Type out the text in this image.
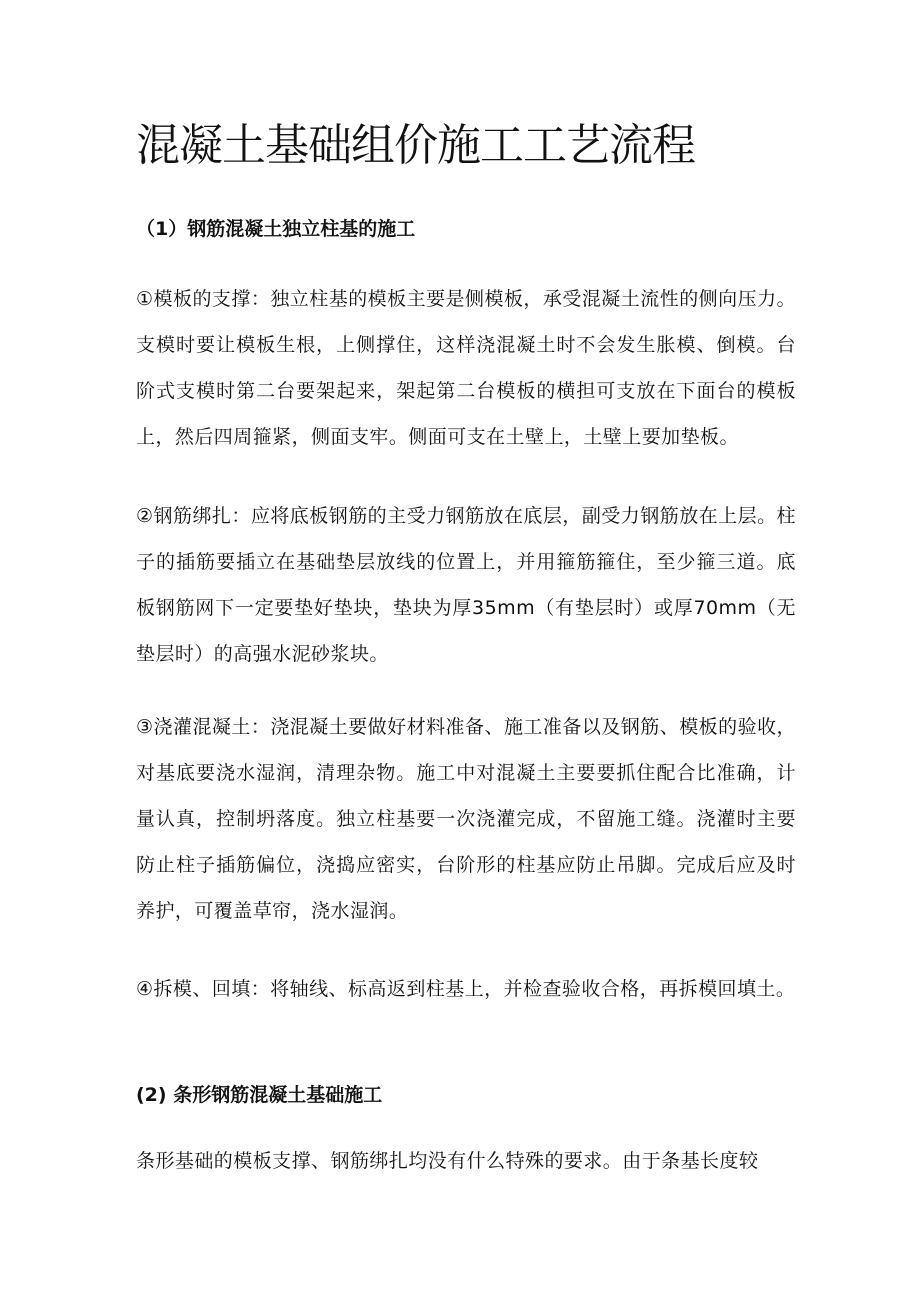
混凝土基础组价施工工艺流程
（1）钢筋混凝土独立柱基的施工

①模板的支撑：独立柱基的模板主要是侧模板，承受混凝土流性的侧向压力。支模时要让模板生根，上侧撑住，这样浇混凝土时不会发生胀模、倒模。台阶式支模时第二台要架起来，架起第二台模板的横担可支放在下面台的模板上，然后四周箍紧，侧面支牢。侧面可支在土壁上，土壁上要加垫板。

②钢筋绑扎：应将底板钢筋的主受力钢筋放在底层，副受力钢筋放在上层。柱子的插筋要插立在基础垫层放线的位置上，并用箍筋箍住，至少箍三道。底板钢筋网下一定要垫好垫块，垫块为厚35mm（有垫层时）或厚70mm（无垫层时）的高强水泥砂浆块。

③浇灌混凝土：浇混凝土要做好材料准备、施工准备以及钢筋、模板的验收，对基底要浇水湿润，清理杂物。施工中对混凝土主要要抓住配合比准确，计量认真，控制坍落度。独立柱基要一次浇灌完成，不留施工缝。浇灌时主要防止柱子插筋偏位，浇捣应密实，台阶形的柱基应防止吊脚。完成后应及时养护，可覆盖草帘，浇水湿润。

④拆模、回填：将轴线、标高返到柱基上，并检查验收合格，再拆模回填土。

(2) 条形钢筋混凝土基础施工

条形基础的模板支撑、钢筋绑扎均没有什么特殊的要求。由于条基长度较
